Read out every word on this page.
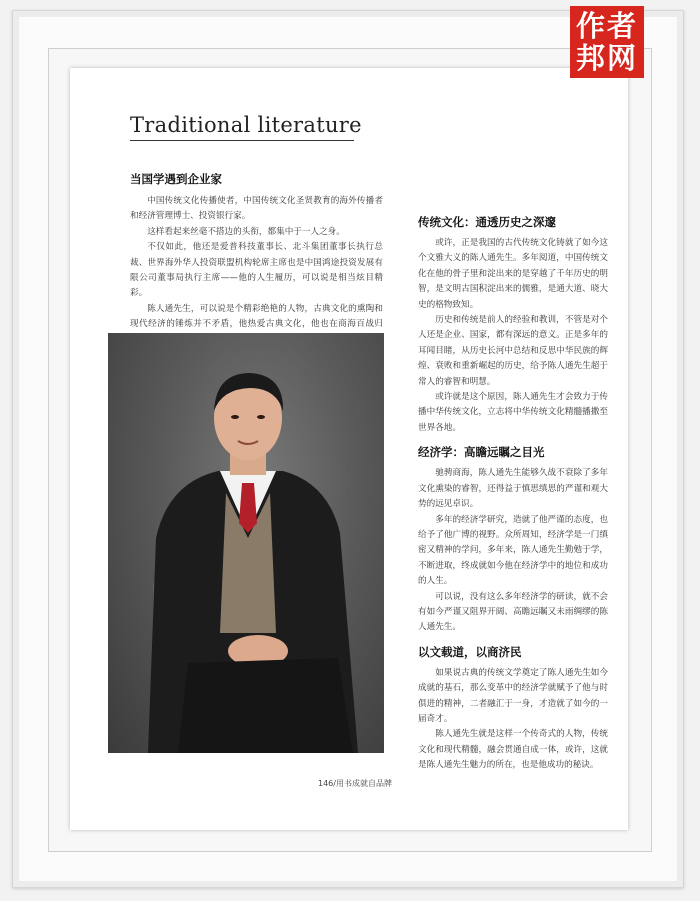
作者
邦网
Traditional literature
当国学遇到企业家

中国传统文化传播使者，中国传统文化圣贤教育的海外传播者和经济管理博士、投资银行家。

这样看起来丝毫不搭边的头衔，都集中于一人之身。

不仅如此，他还是爱普科技董事长、北斗集团董事长执行总裁、世界海外华人投资联盟机构轮席主席也是中国鸿途投资发展有限公司董事局执行主席——他的人生履历，可以说是相当炫目精彩。

陈人通先生，可以说是个精彩绝艳的人物，古典文化的熏陶和现代经济的锤炼并不矛盾，他热爱古典文化，他也在商海百战归

传统文化：通透历史之深邃

或许，正是我国的古代传统文化铸就了如今这个文雅大义的陈人通先生。多年阅道，中国传统文化在他的骨子里和淀出来的是穿越了千年历史的明智，是文明古国积淀出来的儒雅，是通大道、晓大史的格物致知。

历史和传统是前人的经验和教训，不管是对个人还是企业、国家，都有深远的意义。正是多年的耳闻目睹，从历史长河中总结和反思中华民族的辉煌、衰败和重新崛起的历史，给予陈人通先生超于常人的睿智和明慧。

或许就是这个原因，陈人通先生才会致力于传播中华传统文化，立志将中华传统文化精髓播撒至世界各地。

经济学：高瞻远瞩之目光

驰骋商海，陈人通先生能够久战不衰除了多年文化熏染的睿智，还得益于慎思缜思的严谨和观大势的远见卓识。

多年的经济学研究，造就了他严谨的态度，也给予了他广博的视野。众所周知，经济学是一门缜密又精神的学问，多年来，陈人通先生勤勉于学，不断进取，终成就如今他在经济学中的地位和成功的人生。

可以说，没有这么多年经济学的研读，就不会有如今严谨又阻界开阔、高瞻远瞩又未雨绸缪的陈人通先生。

以文载道，以商济民

如果说古典的传统文学奠定了陈人通先生如今成就的基石，那么变革中的经济学就赋予了他与时俱进的精神，二者融汇于一身，才造就了如今的一届奇才。

陈人通先生就是这样一个传奇式的人物，传统文化和现代精髓，融会贯通自成一体，或许，这就是陈人通先生魅力的所在，也是他成功的秘诀。

146/用书成就自品牌
